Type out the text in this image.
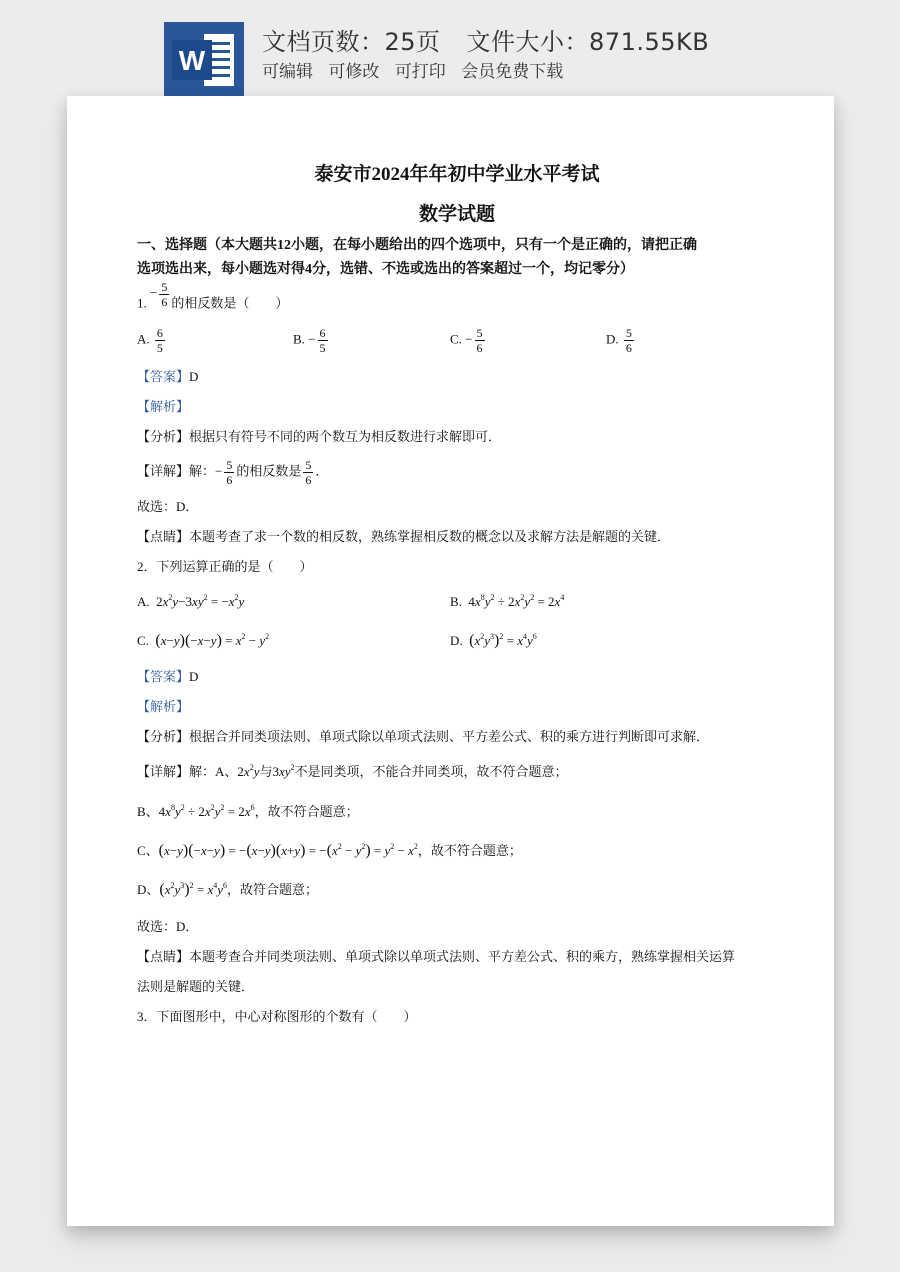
W
文档页数：25页 文件大小：871.55KB
可编辑 可修改 可打印 会员免费下载
泰安市2024年年初中学业水平考试
数学试题
一、选择题（本大题共12小题，在每小题给出的四个选项中，只有一个是正确的，请把正确
选项选出来，每小题选对得4分，选错、不选或选出的答案超过一个，均记零分）
1. − $\frac{5}{6}$ 的相反数是（　　）
A. $\frac{6}{5}$	B. − $\frac{6}{5}$	C. − $\frac{5}{6}$	D. $\frac{5}{6}$
【答案】D
【解析】
【分析】根据只有符号不同的两个数互为相反数进行求解即可．
【详解】解：− $\frac{5}{6}$ 的相反数是 $\frac{5}{6}$ ．
故选：D．
【点睛】本题考查了求一个数的相反数，熟练掌握相反数的概念以及求解方法是解题的关键．
2．下列运算正确的是（　　）
A.  $2x^2y-3xy^2 = -x^2y$	B.  $4x^8y^2 \div 2x^2y^2 = 2x^4$
C. $(x-y)(-x-y) = x^2 - y^2$	D. $(x^2y^3)^2 = x^4y^6$
【答案】D
【解析】
【分析】根据合并同类项法则、单项式除以单项式法则、平方差公式、积的乘方进行判断即可求解．
【详解】解：A、$2x^2y$与$3xy^2$不是同类项，不能合并同类项，故不符合题意；
B、$4x^8y^2 \div 2x^2y^2 = 2x^6$，故不符合题意；
C、$(x-y)(-x-y) = -(x-y)(x+y) = -(x^2 - y^2) = y^2 - x^2$，故不符合题意；
D、$(x^2y^3)^2 = x^4y^6$，故符合题意；
故选：D．
【点睛】本题考查合并同类项法则、单项式除以单项式法则、平方差公式、积的乘方，熟练掌握相关运算
法则是解题的关键．
3．下面图形中，中心对称图形的个数有（　　）
